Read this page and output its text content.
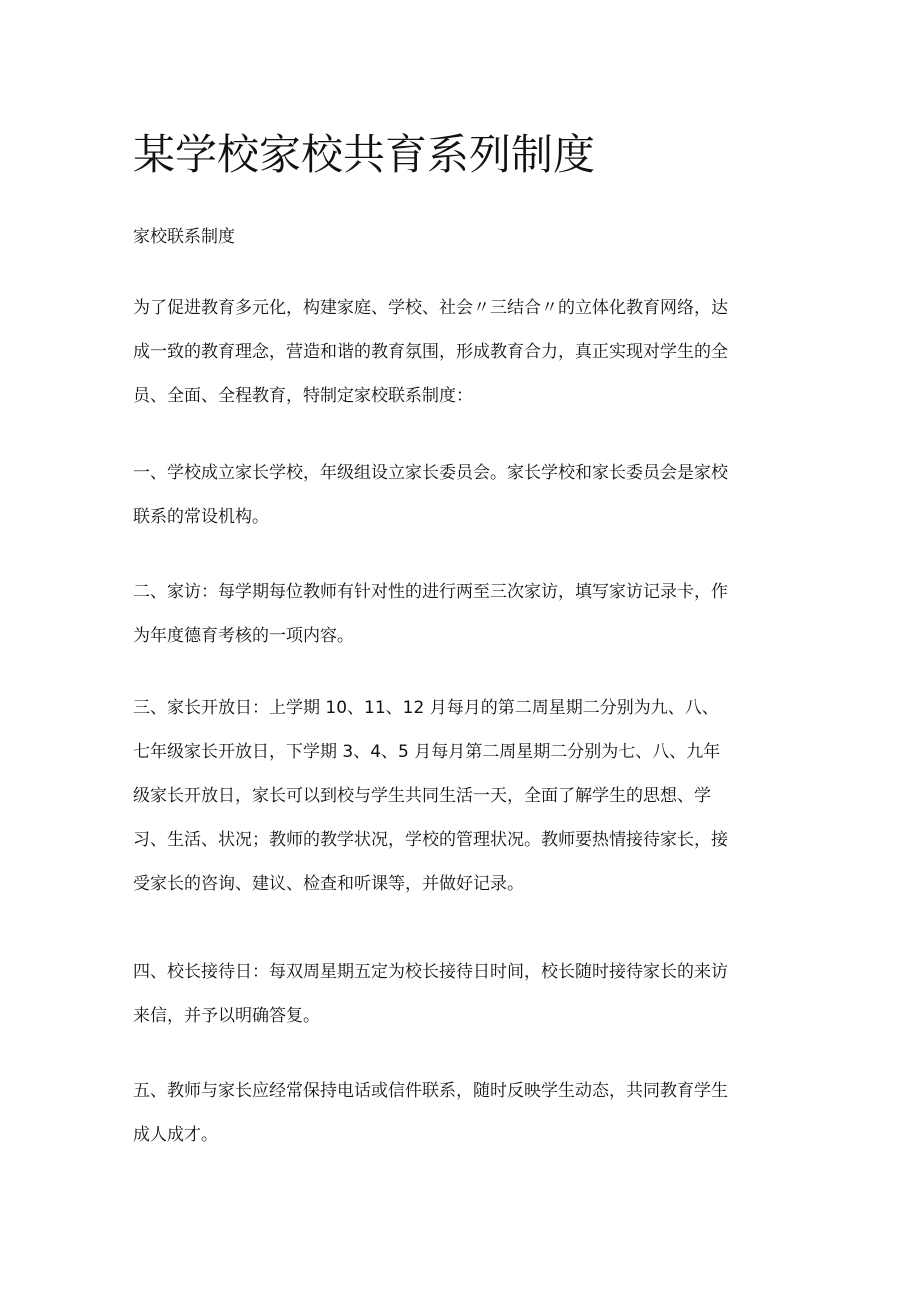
某学校家校共育系列制度
家校联系制度

为了促进教育多元化，构建家庭、学校、社会〃三结合〃的立体化教育网络，达
成一致的教育理念，营造和谐的教育氛围，形成教育合力，真正实现对学生的全
员、全面、全程教育，特制定家校联系制度：

一、学校成立家长学校，年级组设立家长委员会。家长学校和家长委员会是家校
联系的常设机构。

二、家访：每学期每位教师有针对性的进行两至三次家访，填写家访记录卡，作
为年度德育考核的一项内容。

三、家长开放日：上学期 10、11、12 月每月的第二周星期二分别为九、八、
七年级家长开放日，下学期 3、4、5 月每月第二周星期二分别为七、八、九年
级家长开放日，家长可以到校与学生共同生活一天，全面了解学生的思想、学
习、生活、状况；教师的教学状况，学校的管理状况。教师要热情接待家长，接
受家长的咨询、建议、检查和听课等，并做好记录。

四、校长接待日：每双周星期五定为校长接待日时间，校长随时接待家长的来访
来信，并予以明确答复。

五、教师与家长应经常保持电话或信件联系，随时反映学生动态，共同教育学生
成人成才。
